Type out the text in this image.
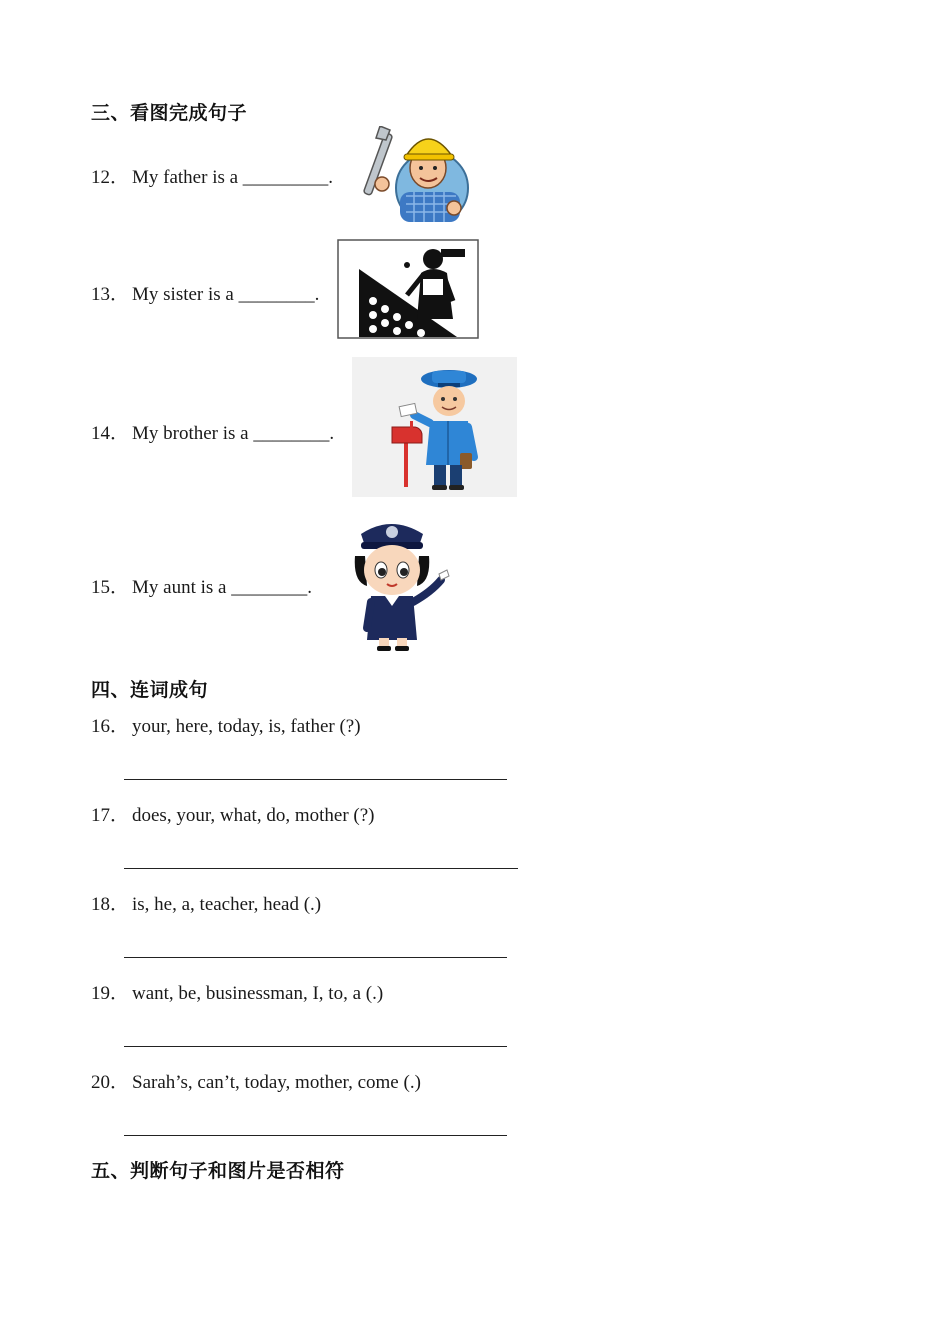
三、看图完成句子
12． My father is a _________.
13． My sister is a ________.
14． My brother is a ________.
15． My aunt is a ________.
四、连词成句
16． your, here, today, is, father (?)
17． does, your, what, do, mother (?)
18． is, he, a, teacher, head (.)
19． want, be, businessman, I, to, a (.)
20． Sarah’s, can’t, today, mother, come (.)
五、判断句子和图片是否相符
